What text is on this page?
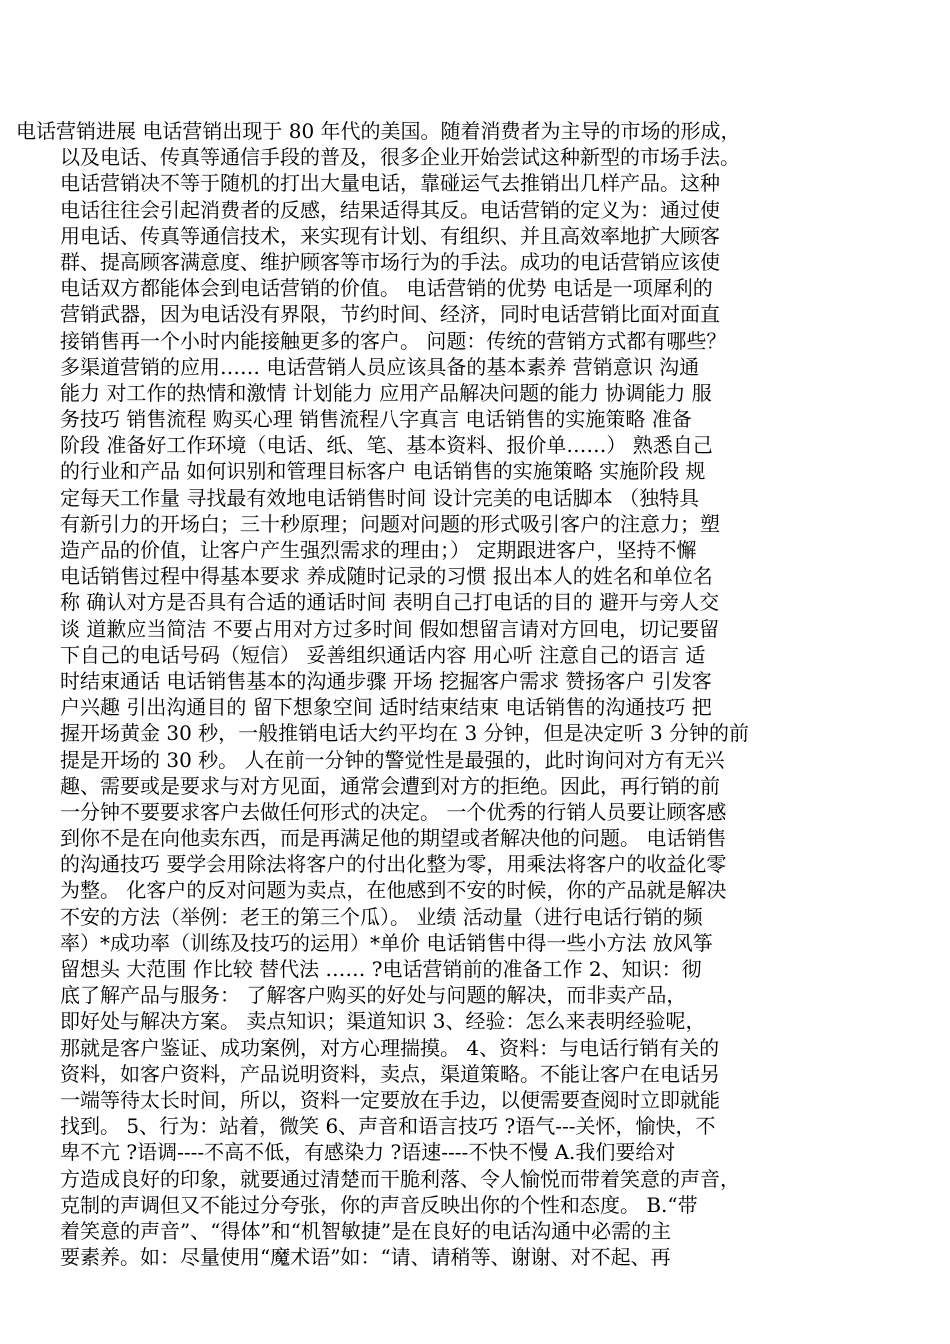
电话营销进展 电话营销出现于 80 年代的美国。随着消费者为主导的市场的形成，
以及电话、传真等通信手段的普及，很多企业开始尝试这种新型的市场手法。
电话营销决不等于随机的打出大量电话，靠碰运气去推销出几样产品。这种
电话往往会引起消费者的反感，结果适得其反。电话营销的定义为：通过使
用电话、传真等通信技术，来实现有计划、有组织、并且高效率地扩大顾客
群、提高顾客满意度、维护顾客等市场行为的手法。成功的电话营销应该使
电话双方都能体会到电话营销的价值。 电话营销的优势 电话是一项犀利的
营销武器，因为电话没有界限，节约时间、经济，同时电话营销比面对面直
接销售再一个小时内能接触更多的客户。 问题：传统的营销方式都有哪些？
多渠道营销的应用…… 电话营销人员应该具备的基本素养 营销意识 沟通
能力 对工作的热情和激情 计划能力 应用产品解决问题的能力 协调能力 服
务技巧 销售流程 购买心理 销售流程八字真言 电话销售的实施策略 准备
阶段 准备好工作环境（电话、纸、笔、基本资料、报价单……） 熟悉自己
的行业和产品 如何识别和管理目标客户 电话销售的实施策略 实施阶段 规
定每天工作量 寻找最有效地电话销售时间 设计完美的电话脚本 （独特具
有新引力的开场白；三十秒原理；问题对问题的形式吸引客户的注意力；塑
造产品的价值，让客户产生强烈需求的理由；） 定期跟进客户，坚持不懈
电话销售过程中得基本要求 养成随时记录的习惯 报出本人的姓名和单位名
称 确认对方是否具有合适的通话时间 表明自己打电话的目的 避开与旁人交
谈 道歉应当简洁 不要占用对方过多时间 假如想留言请对方回电，切记要留
下自己的电话号码（短信） 妥善组织通话内容 用心听 注意自己的语言 适
时结束通话 电话销售基本的沟通步骤 开场 挖掘客户需求 赞扬客户 引发客
户兴趣 引出沟通目的 留下想象空间 适时结束结束 电话销售的沟通技巧 把
握开场黄金 30 秒，一般推销电话大约平均在 3 分钟，但是决定听 3 分钟的前
提是开场的 30 秒。 人在前一分钟的警觉性是最强的，此时询问对方有无兴
趣、需要或是要求与对方见面，通常会遭到对方的拒绝。因此，再行销的前
一分钟不要要求客户去做任何形式的决定。 一个优秀的行销人员要让顾客感
到你不是在向他卖东西，而是再满足他的期望或者解决他的问题。 电话销售
的沟通技巧 要学会用除法将客户的付出化整为零，用乘法将客户的收益化零
为整。 化客户的反对问题为卖点，在他感到不安的时候，你的产品就是解决
不安的方法（举例：老王的第三个瓜）。 业绩 活动量（进行电话行销的频
率）*成功率（训练及技巧的运用）*单价 电话销售中得一些小方法 放风筝
留想头 大范围 作比较 替代法 …… ?电话营销前的准备工作 2、知识：彻
底了解产品与服务： 了解客户购买的好处与问题的解决，而非卖产品，
即好处与解决方案。 卖点知识；渠道知识 3、经验：怎么来表明经验呢，
那就是客户鉴证、成功案例，对方心理揣摸。 4、资料：与电话行销有关的
资料，如客户资料，产品说明资料，卖点，渠道策略。不能让客户在电话另
一端等待太长时间，所以，资料一定要放在手边，以便需要查阅时立即就能
找到。 5、行为：站着，微笑 6、声音和语言技巧 ?语气---关怀，愉快，不
卑不亢 ?语调----不高不低，有感染力 ?语速----不快不慢 A.我们要给对
方造成良好的印象，就要通过清楚而干脆利落、令人愉悦而带着笑意的声音，
克制的声调但又不能过分夸张，你的声音反映出你的个性和态度。 B.“带
着笑意的声音”、“得体”和“机智敏捷”是在良好的电话沟通中必需的主
要素养。如：尽量使用“魔术语”如：“请、请稍等、谢谢、对不起、再
